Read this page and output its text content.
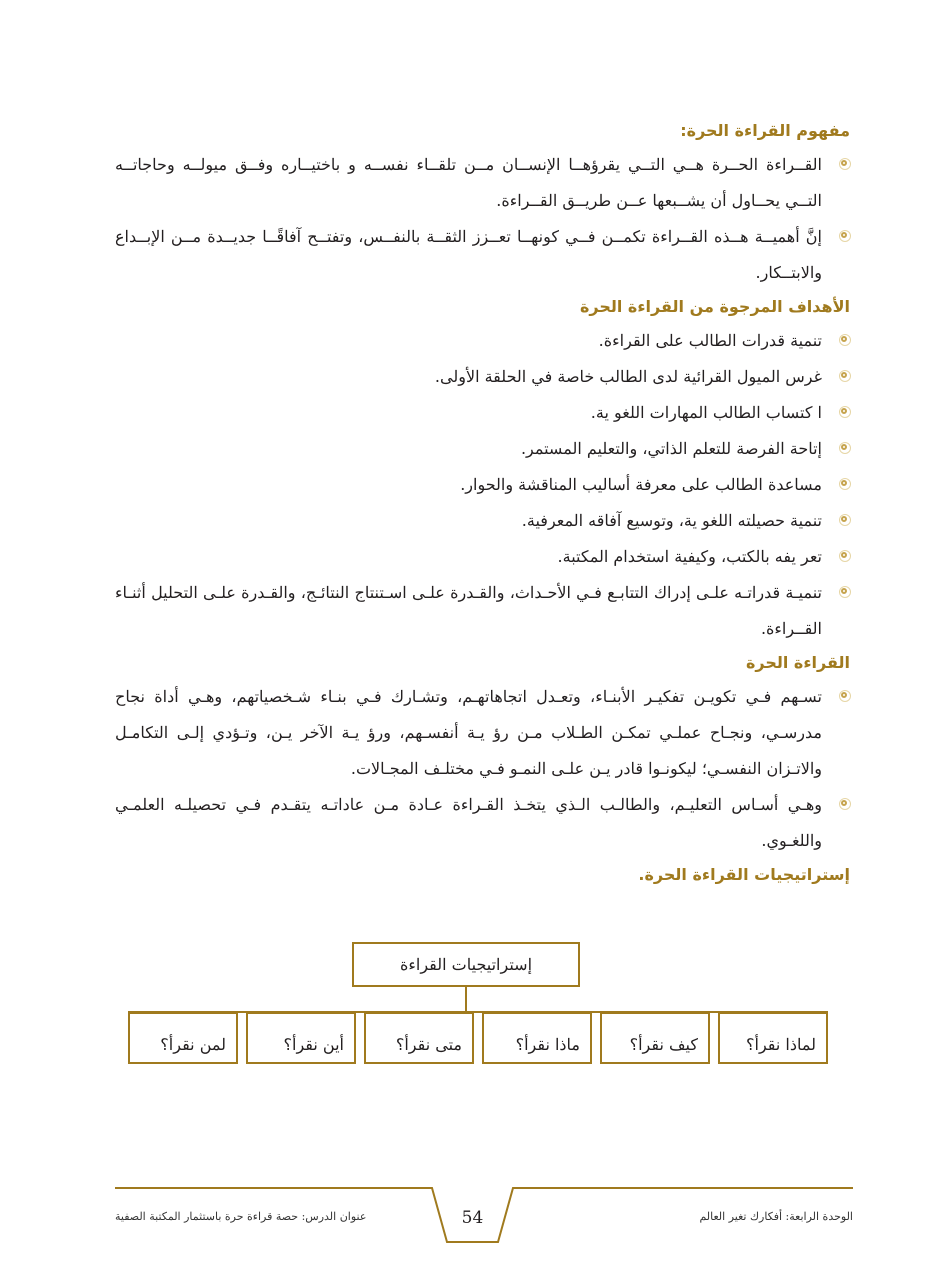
مفهوم القراءة الحرة:
القــراءة الحــرة هــي التــي يقرؤهــا الإنســان مــن تلقــاء نفســه و باختيــاره وفــق ميولــه وحاجاتــه التــي يحــاول أن يشــبعها عــن طريــق القــراءة.
إنَّ أهميــة هــذه القــراءة تكمــن فــي كونهــا تعــزز الثقــة بالنفــس، وتفتــح آفاقًــا جديــدة مــن الإبــداع والابتــكار.
الأهداف المرجوة من القراءة الحرة
تنمية قدرات الطالب على القراءة.
غرس الميول القرائية لدى الطالب خاصة في الحلقة الأولى.
ا كتساب الطالب المهارات اللغو ية.
إتاحة الفرصة للتعلم الذاتي، والتعليم المستمر.
مساعدة الطالب على معرفة أساليب المناقشة والحوار.
تنمية حصيلته اللغو ية، وتوسيع آفاقه المعرفية.
تعر يفه بالكتب، وكيفية استخدام المكتبة.
تنميـة قدراتـه علـى إدراك التتابـع فـي الأحـداث، والقـدرة علـى اسـتنتاج النتائـج، والقـدرة علـى التحليل أثنـاء القــراءة.
القراءة الحرة
تسـهم فـي تكويـن تفكيـر الأبنـاء، وتعـدل اتجاهاتهـم، وتشـارك فـي بنـاء شـخصياتهم، وهـي أداة نجاح مدرسـي، ونجـاح عملـي تمكـن الطـلاب مـن رؤ يـة أنفسـهم، ورؤ يـة الآخر يـن، وتـؤدي إلـى التكامـل والاتـزان النفسـي؛ ليكونـوا قادر يـن علـى النمـو فـي مختلـف المجـالات.
وهـي أسـاس التعليـم، والطالـب الـذي يتخـذ القـراءة عـادة مـن عاداتـه يتقـدم فـي تحصيلـه العلمـي واللغـوي.
إستراتيجيات القراءة الحرة.
إستراتيجيات القراءة
لماذا نقرأ؟
كيف نقرأ؟
ماذا نقرأ؟
متى نقرأ؟
أين نقرأ؟
لمن نقرأ؟
عنوان الدرس: حصة قراءة حرة باستثمار المكتبة الصفية	54	الوحدة الرابعة: أفكارك تغير العالم
